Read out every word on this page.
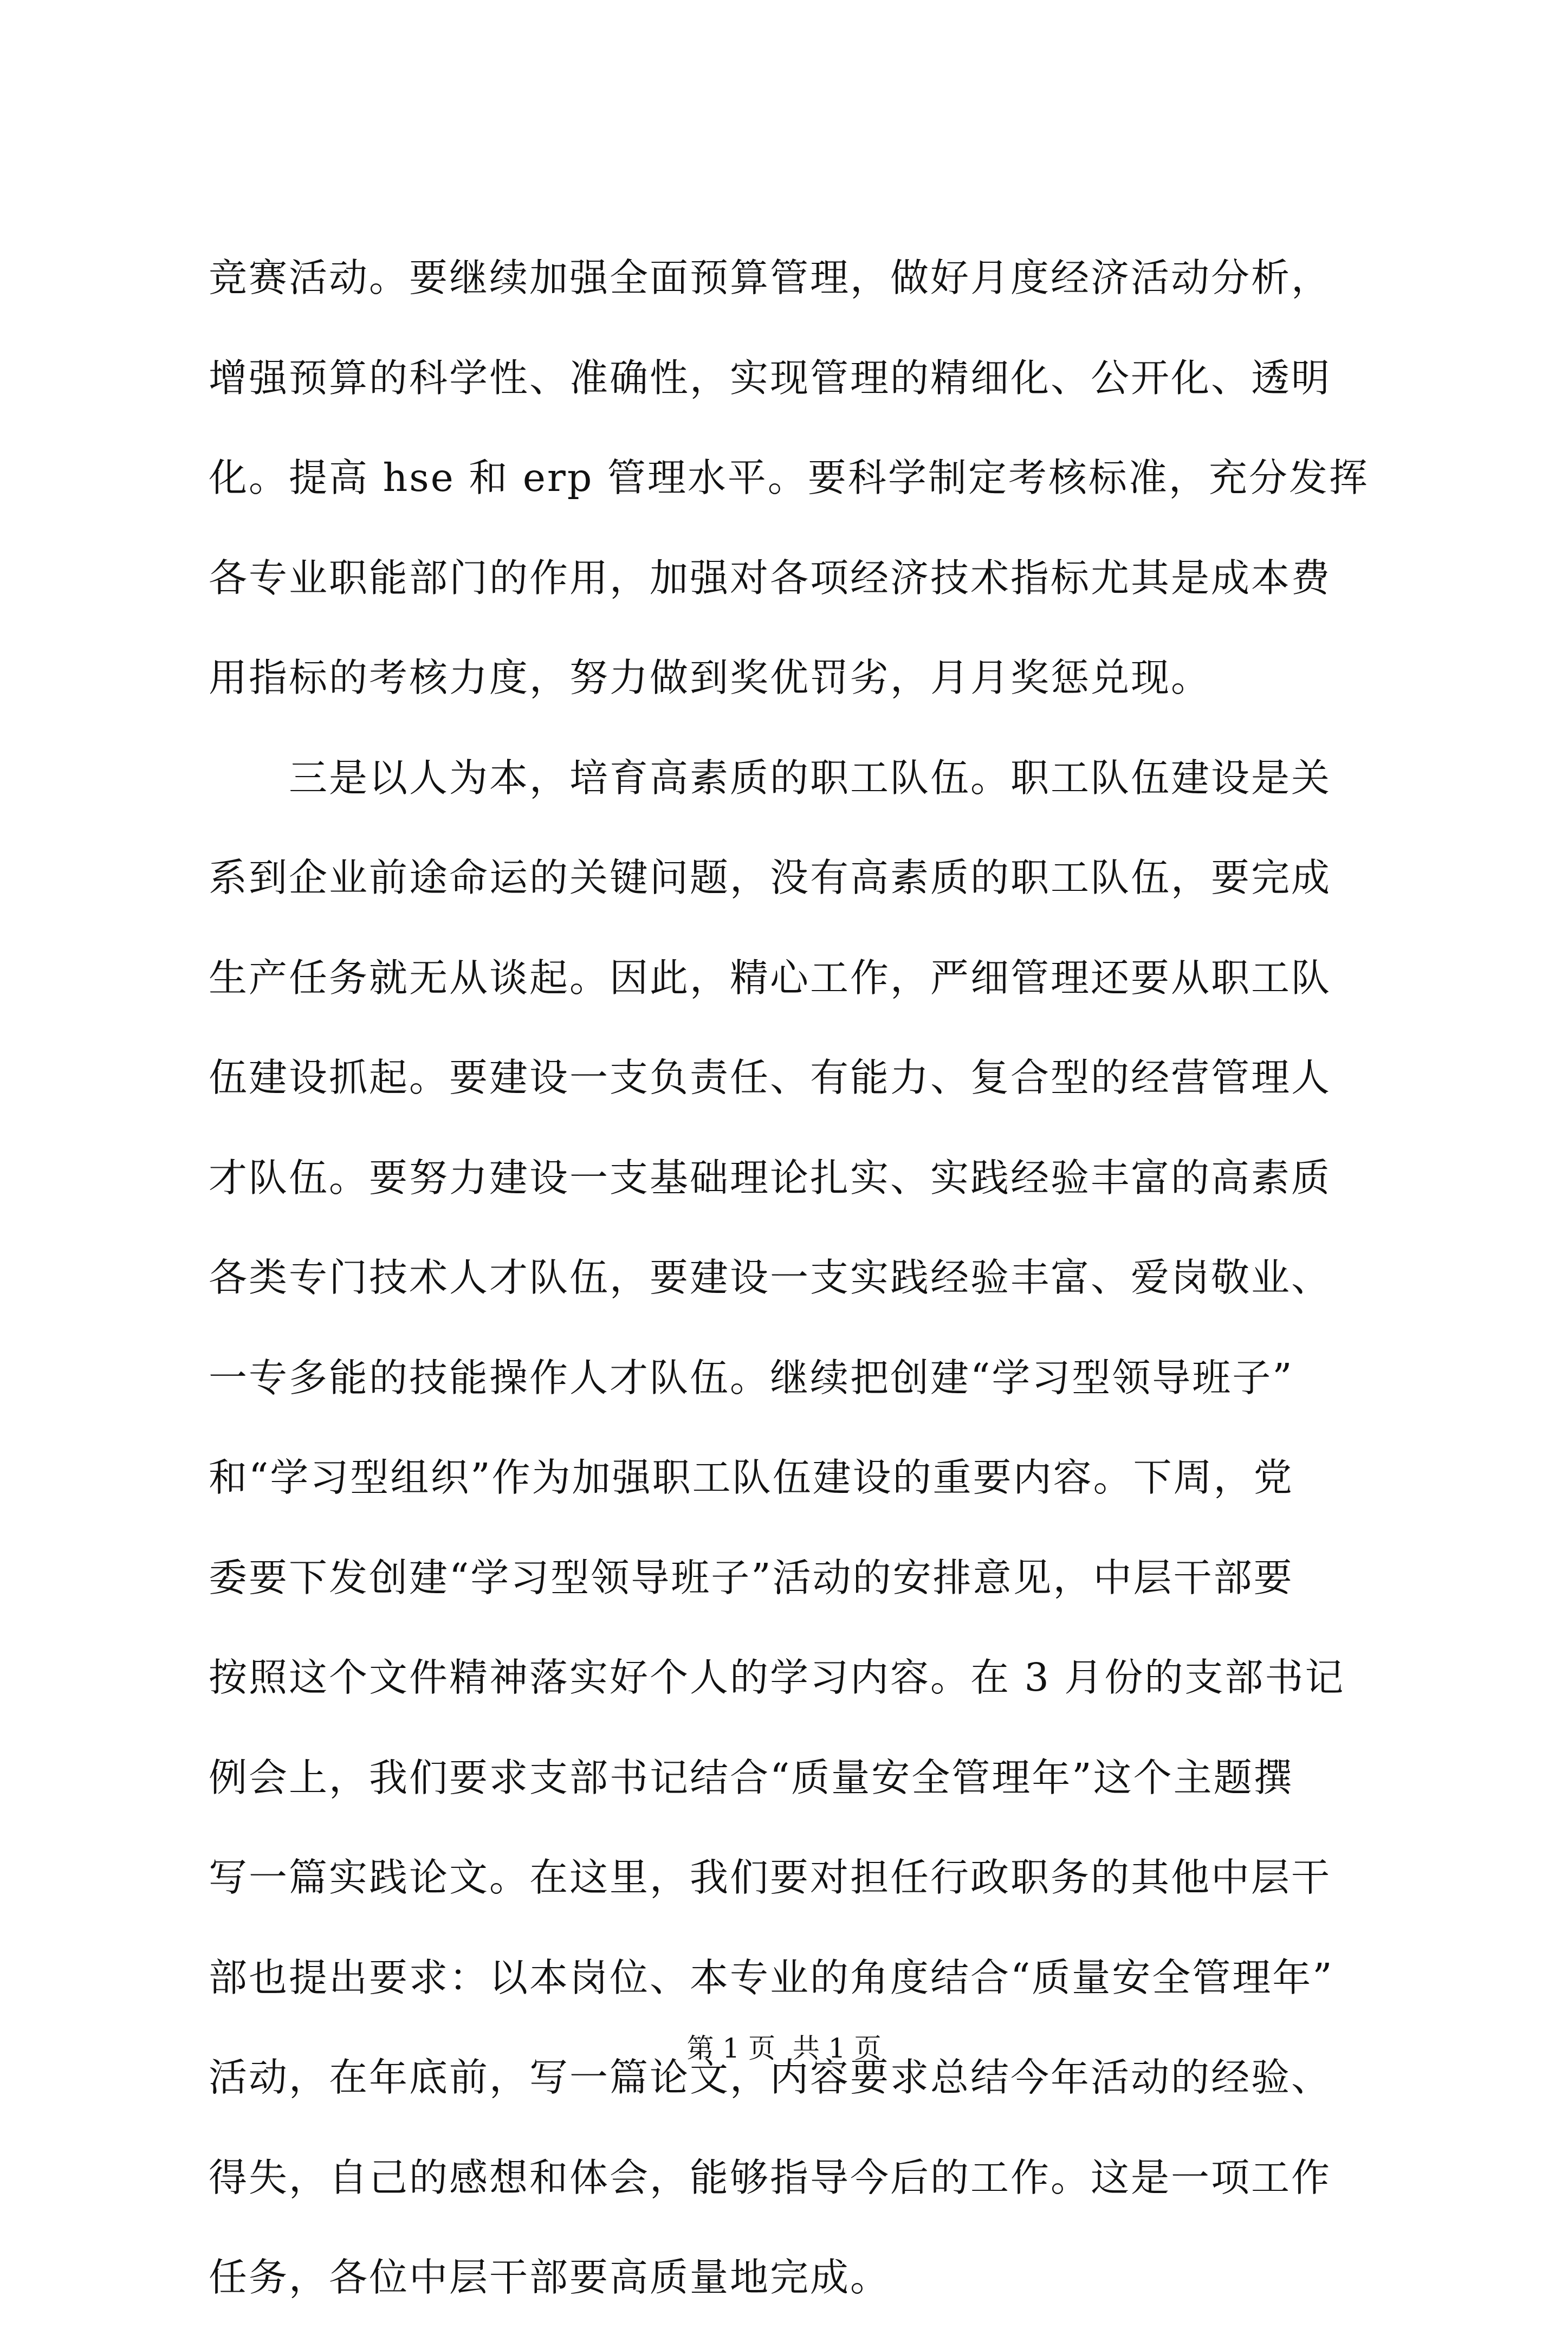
竞赛活动。要继续加强全面预算管理，做好月度经济活动分析，
增强预算的科学性、准确性，实现管理的精细化、公开化、透明
化。提高 hse 和 erp 管理水平。要科学制定考核标准，充分发挥
各专业职能部门的作用，加强对各项经济技术指标尤其是成本费
用指标的考核力度，努力做到奖优罚劣，月月奖惩兑现。
　　三是以人为本，培育高素质的职工队伍。职工队伍建设是关
系到企业前途命运的关键问题，没有高素质的职工队伍，要完成
生产任务就无从谈起。因此，精心工作，严细管理还要从职工队
伍建设抓起。要建设一支负责任、有能力、复合型的经营管理人
才队伍。要努力建设一支基础理论扎实、实践经验丰富的高素质
各类专门技术人才队伍，要建设一支实践经验丰富、爱岗敬业、
一专多能的技能操作人才队伍。继续把创建“学习型领导班子”
和“学习型组织”作为加强职工队伍建设的重要内容。下周，党
委要下发创建“学习型领导班子”活动的安排意见，中层干部要
按照这个文件精神落实好个人的学习内容。在 3 月份的支部书记
例会上，我们要求支部书记结合“质量安全管理年”这个主题撰
写一篇实践论文。在这里，我们要对担任行政职务的其他中层干
部也提出要求：以本岗位、本专业的角度结合“质量安全管理年”
活动，在年底前，写一篇论文，内容要求总结今年活动的经验、
得失，自己的感想和体会，能够指导今后的工作。这是一项工作
任务，各位中层干部要高质量地完成。
第 1 页  共 1 页
